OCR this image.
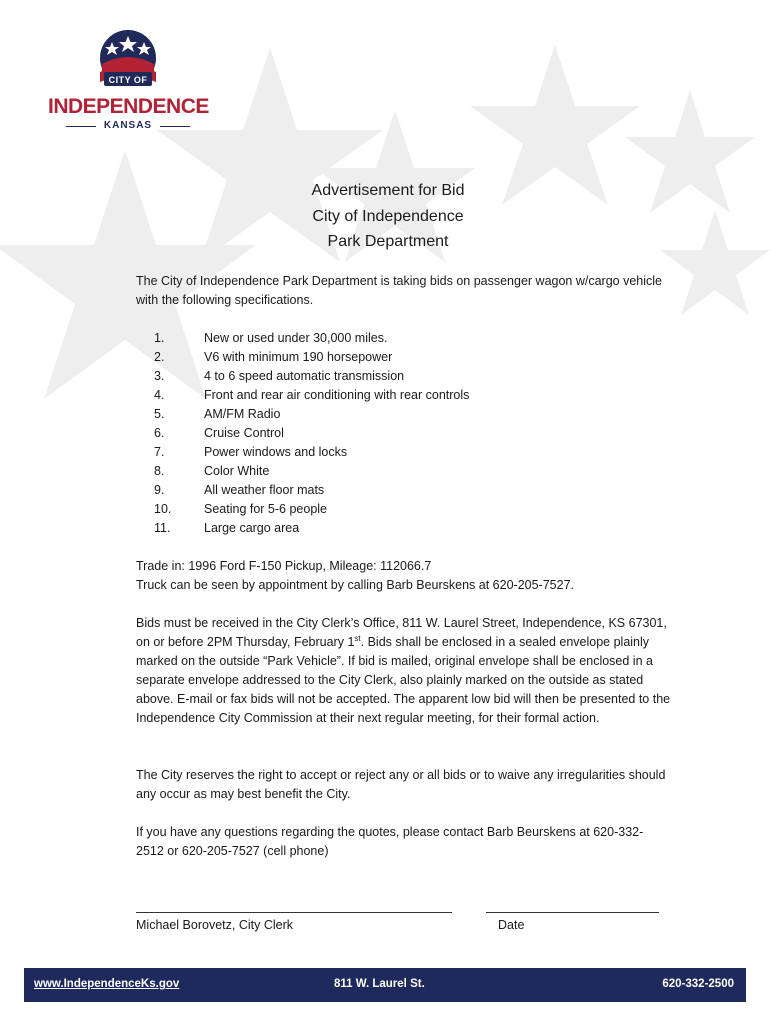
CITY OF
INDEPENDENCE
KANSAS
Advertisement for Bid
City of Independence
Park Department
The City of Independence Park Department is taking bids on passenger wagon w/cargo vehicle with the following specifications.
1.	New or used under 30,000 miles.
2.	V6 with minimum 190 horsepower
3.	4 to 6 speed automatic transmission
4.	Front and rear air conditioning with rear controls
5.	AM/FM Radio
6.	Cruise Control
7.	Power windows and locks
8.	Color White
9.	All weather floor mats
10.	Seating for 5-6 people
11.	Large cargo area
Trade in: 1996 Ford F-150 Pickup, Mileage: 112066.7
Truck can be seen by appointment by calling Barb Beurskens at 620-205-7527.
Bids must be received in the City Clerk’s Office, 811 W. Laurel Street, Independence, KS 67301, on or before 2PM Thursday, February 1st. Bids shall be enclosed in a sealed envelope plainly marked on the outside “Park Vehicle”. If bid is mailed, original envelope shall be enclosed in a separate envelope addressed to the City Clerk, also plainly marked on the outside as stated above. E-mail or fax bids will not be accepted. The apparent low bid will then be presented to the Independence City Commission at their next regular meeting, for their formal action.
The City reserves the right to accept or reject any or all bids or to waive any irregularities should any occur as may best benefit the City.
If you have any questions regarding the quotes, please contact Barb Beurskens at 620-332-2512 or 620-205-7527 (cell phone)
Michael Borovetz, City Clerk	Date
www.IndependenceKs.gov	811 W. Laurel St.	620-332-2500
